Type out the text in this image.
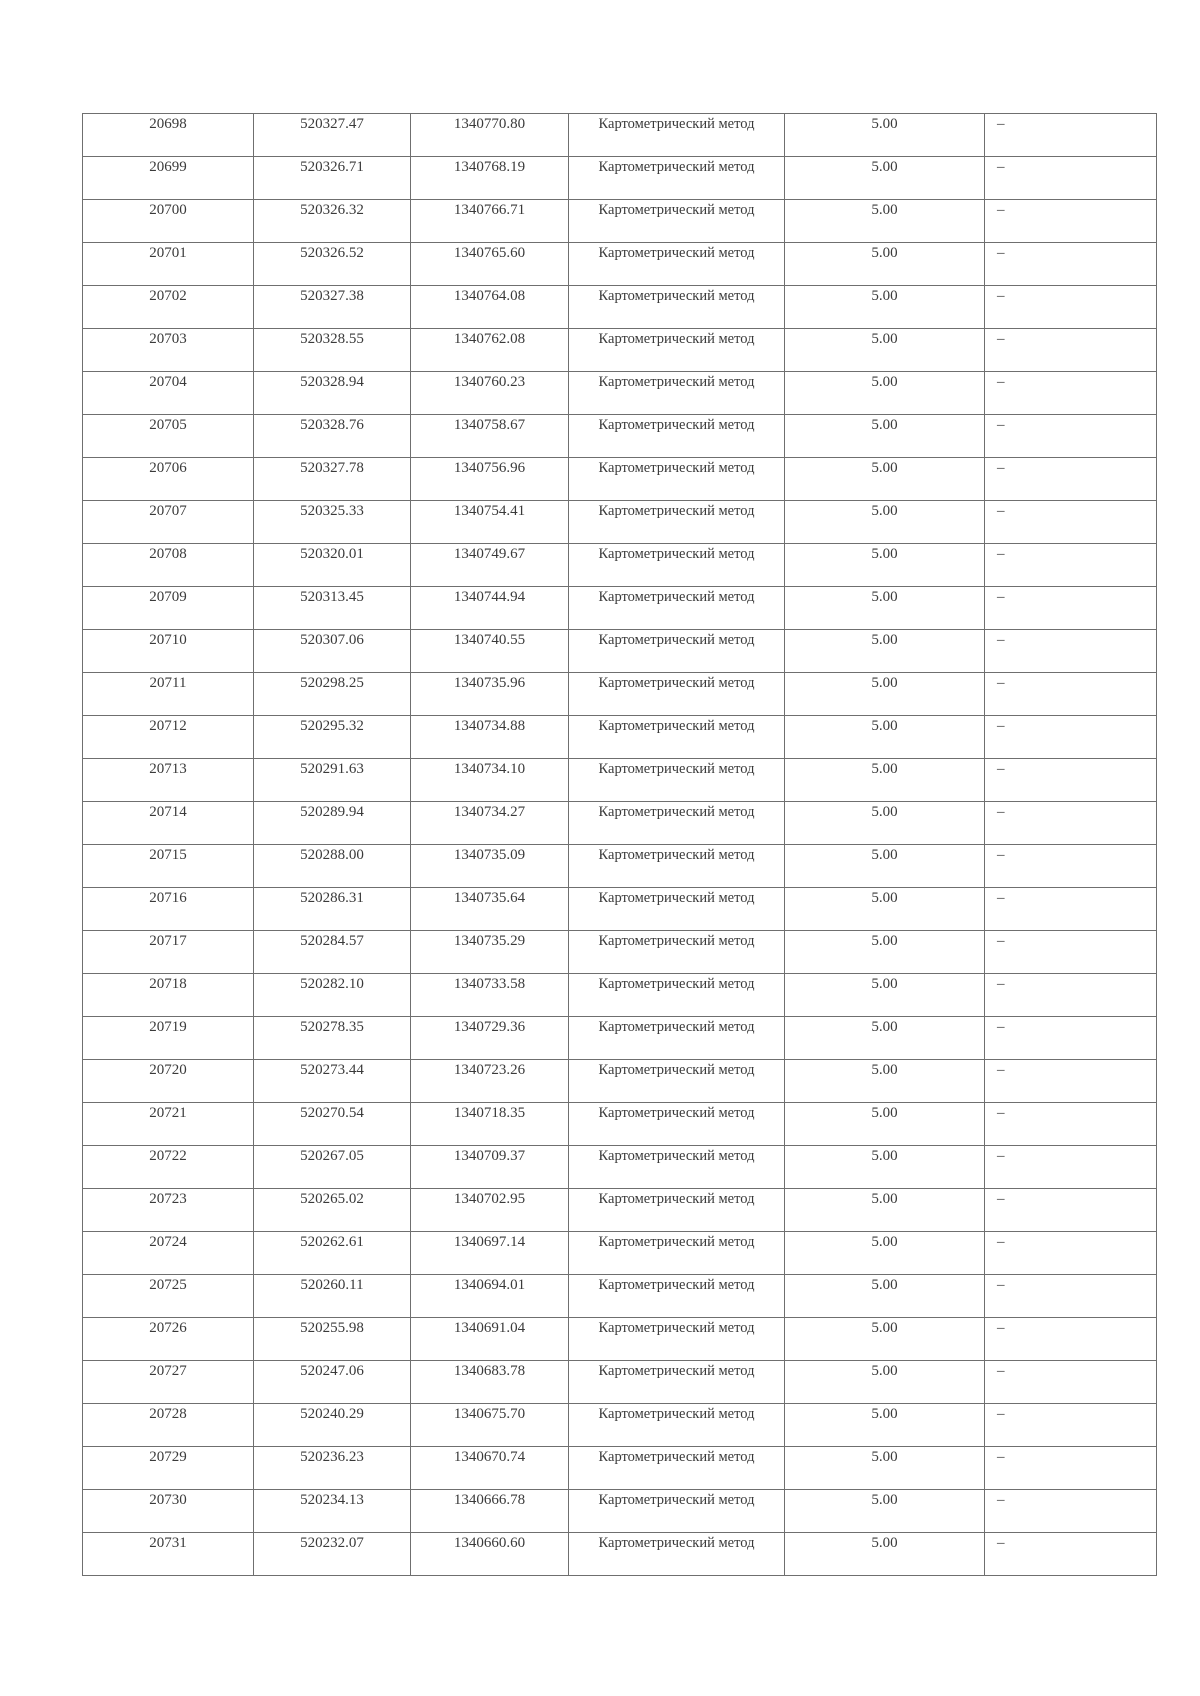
20698	520327.47	1340770.80	Картометрический метод	5.00	–
20699	520326.71	1340768.19	Картометрический метод	5.00	–
20700	520326.32	1340766.71	Картометрический метод	5.00	–
20701	520326.52	1340765.60	Картометрический метод	5.00	–
20702	520327.38	1340764.08	Картометрический метод	5.00	–
20703	520328.55	1340762.08	Картометрический метод	5.00	–
20704	520328.94	1340760.23	Картометрический метод	5.00	–
20705	520328.76	1340758.67	Картометрический метод	5.00	–
20706	520327.78	1340756.96	Картометрический метод	5.00	–
20707	520325.33	1340754.41	Картометрический метод	5.00	–
20708	520320.01	1340749.67	Картометрический метод	5.00	–
20709	520313.45	1340744.94	Картометрический метод	5.00	–
20710	520307.06	1340740.55	Картометрический метод	5.00	–
20711	520298.25	1340735.96	Картометрический метод	5.00	–
20712	520295.32	1340734.88	Картометрический метод	5.00	–
20713	520291.63	1340734.10	Картометрический метод	5.00	–
20714	520289.94	1340734.27	Картометрический метод	5.00	–
20715	520288.00	1340735.09	Картометрический метод	5.00	–
20716	520286.31	1340735.64	Картометрический метод	5.00	–
20717	520284.57	1340735.29	Картометрический метод	5.00	–
20718	520282.10	1340733.58	Картометрический метод	5.00	–
20719	520278.35	1340729.36	Картометрический метод	5.00	–
20720	520273.44	1340723.26	Картометрический метод	5.00	–
20721	520270.54	1340718.35	Картометрический метод	5.00	–
20722	520267.05	1340709.37	Картометрический метод	5.00	–
20723	520265.02	1340702.95	Картометрический метод	5.00	–
20724	520262.61	1340697.14	Картометрический метод	5.00	–
20725	520260.11	1340694.01	Картометрический метод	5.00	–
20726	520255.98	1340691.04	Картометрический метод	5.00	–
20727	520247.06	1340683.78	Картометрический метод	5.00	–
20728	520240.29	1340675.70	Картометрический метод	5.00	–
20729	520236.23	1340670.74	Картометрический метод	5.00	–
20730	520234.13	1340666.78	Картометрический метод	5.00	–
20731	520232.07	1340660.60	Картометрический метод	5.00	–
